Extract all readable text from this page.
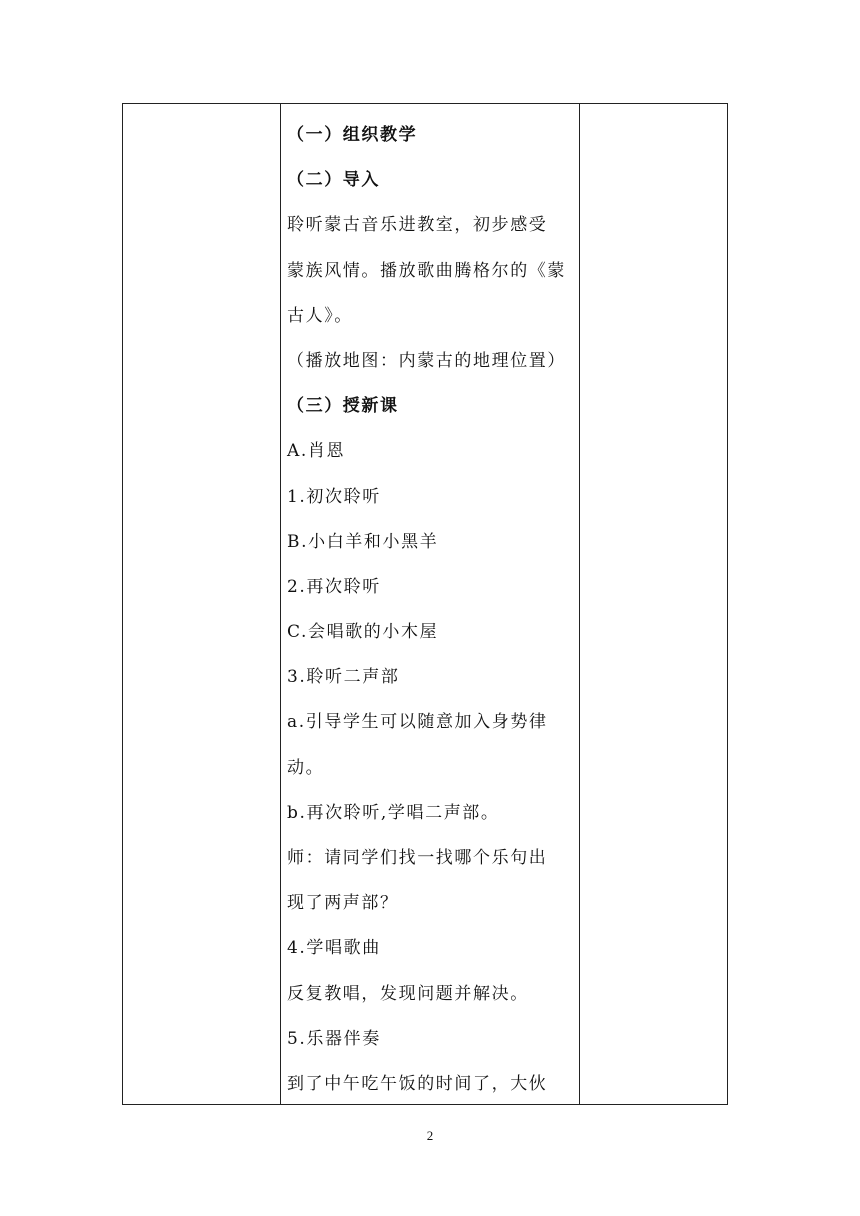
（一）组织教学
（二）导入
聆听蒙古音乐进教室，初步感受
蒙族风情。播放歌曲腾格尔的《蒙
古人》。
（播放地图：内蒙古的地理位置）
（三）授新课
A.肖恩
1.初次聆听
B.小白羊和小黑羊
2.再次聆听
C.会唱歌的小木屋
3.聆听二声部
a.引导学生可以随意加入身势律
动。
b.再次聆听,学唱二声部。
师：请同学们找一找哪个乐句出
现了两声部？
4.学唱歌曲
反复教唱，发现问题并解决。
5.乐器伴奏
到了中午吃午饭的时间了，大伙
2
